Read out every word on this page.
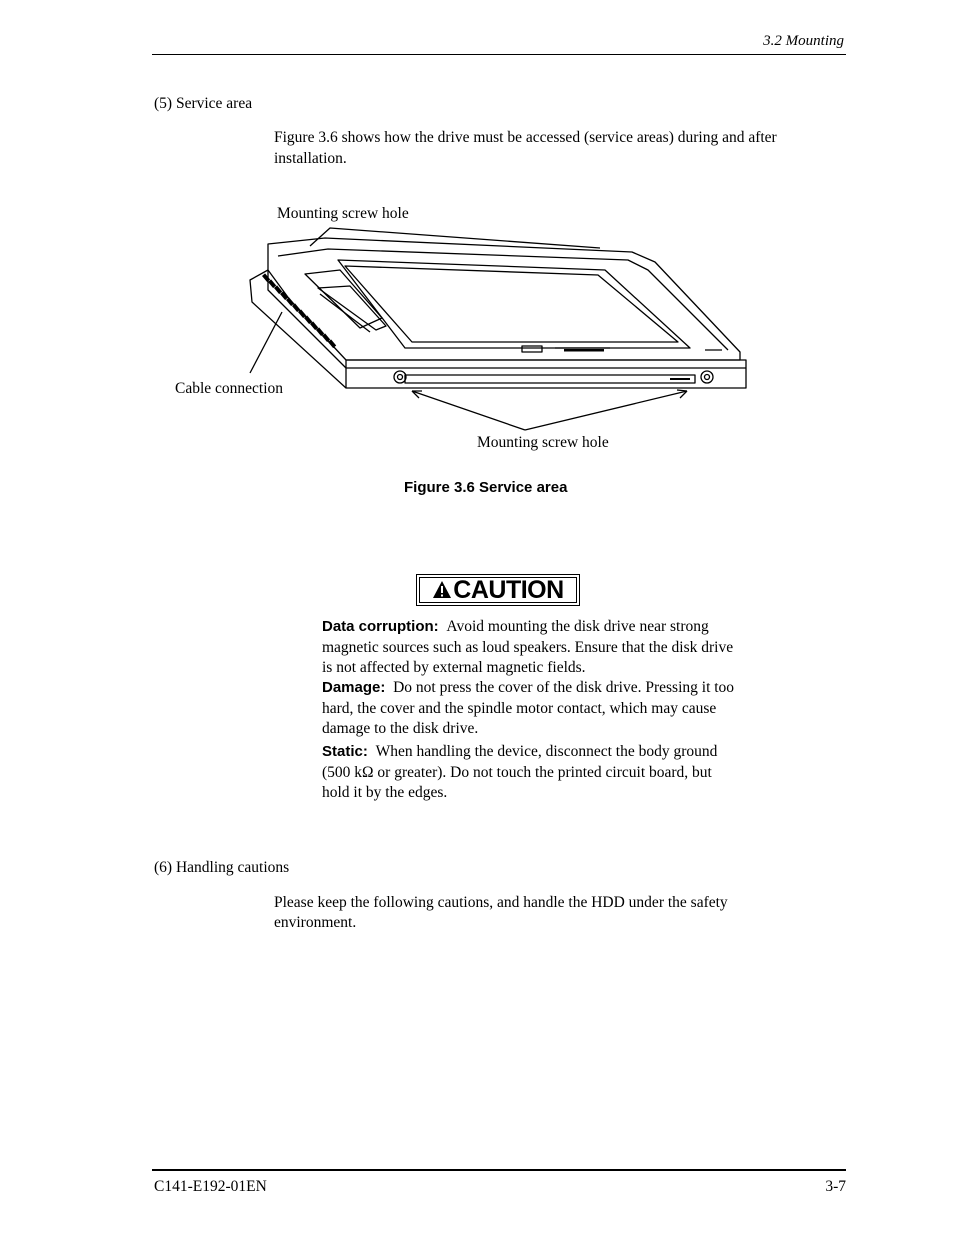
3.2 Mounting
(5) Service area
Figure 3.6 shows how the drive must be accessed (service areas) during and after
installation.
Mounting screw hole
Cable connection
Mounting screw hole
Figure 3.6 Service area
CAUTION
Data corruption: Avoid mounting the disk drive near strong
magnetic sources such as loud speakers. Ensure that the disk drive
is not affected by external magnetic fields.
Damage: Do not press the cover of the disk drive. Pressing it too
hard, the cover and the spindle motor contact, which may cause
damage to the disk drive.
Static: When handling the device, disconnect the body ground
(500 kΩ or greater). Do not touch the printed circuit board, but
hold it by the edges.
(6) Handling cautions
Please keep the following cautions, and handle the HDD under the safety
environment.
C141-E192-01EN	3-7
